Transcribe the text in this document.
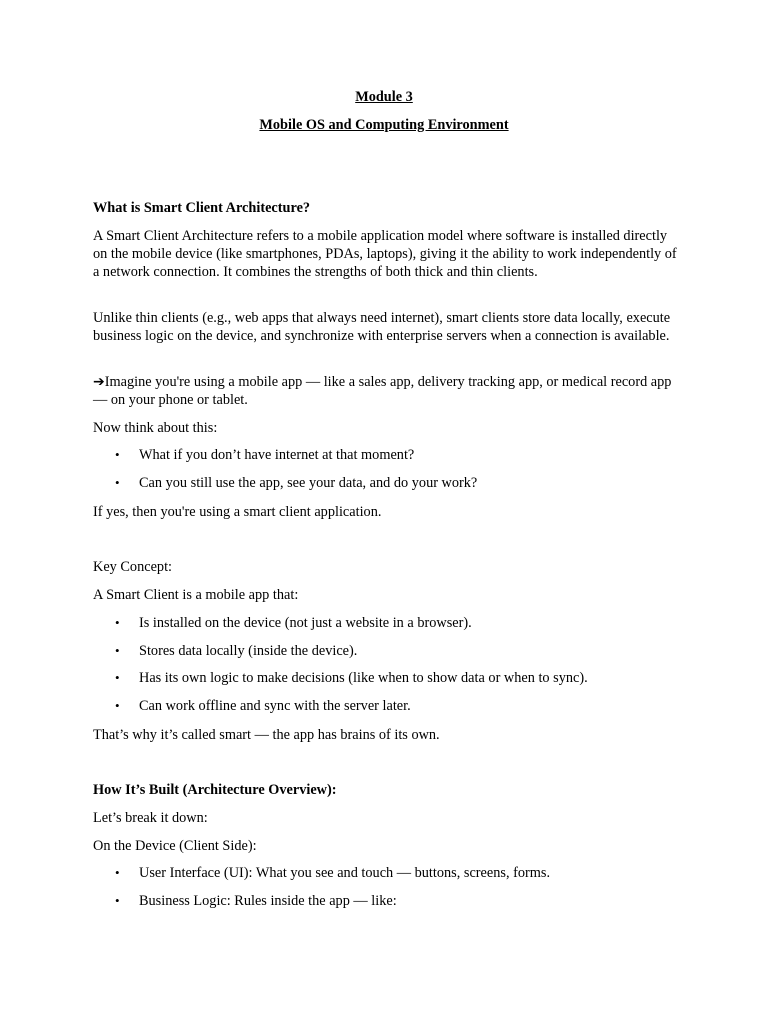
Module 3

Mobile OS and Computing Environment

What is Smart Client Architecture?

A Smart Client Architecture refers to a mobile application model where software is installed directly on the mobile device (like smartphones, PDAs, laptops), giving it the ability to work independently of a network connection. It combines the strengths of both thick and thin clients.

Unlike thin clients (e.g., web apps that always need internet), smart clients store data locally, execute business logic on the device, and synchronize with enterprise servers when a connection is available.

➔Imagine you're using a mobile app — like a sales app, delivery tracking app, or medical record app — on your phone or tablet.

Now think about this:

• What if you don’t have internet at that moment?

• Can you still use the app, see your data, and do your work?

If yes, then you're using a smart client application.

Key Concept:

A Smart Client is a mobile app that:

• Is installed on the device (not just a website in a browser).

• Stores data locally (inside the device).

• Has its own logic to make decisions (like when to show data or when to sync).

• Can work offline and sync with the server later.

That’s why it’s called smart — the app has brains of its own.

How It’s Built (Architecture Overview):

Let’s break it down:

On the Device (Client Side):

• User Interface (UI): What you see and touch — buttons, screens, forms.

• Business Logic: Rules inside the app — like:
